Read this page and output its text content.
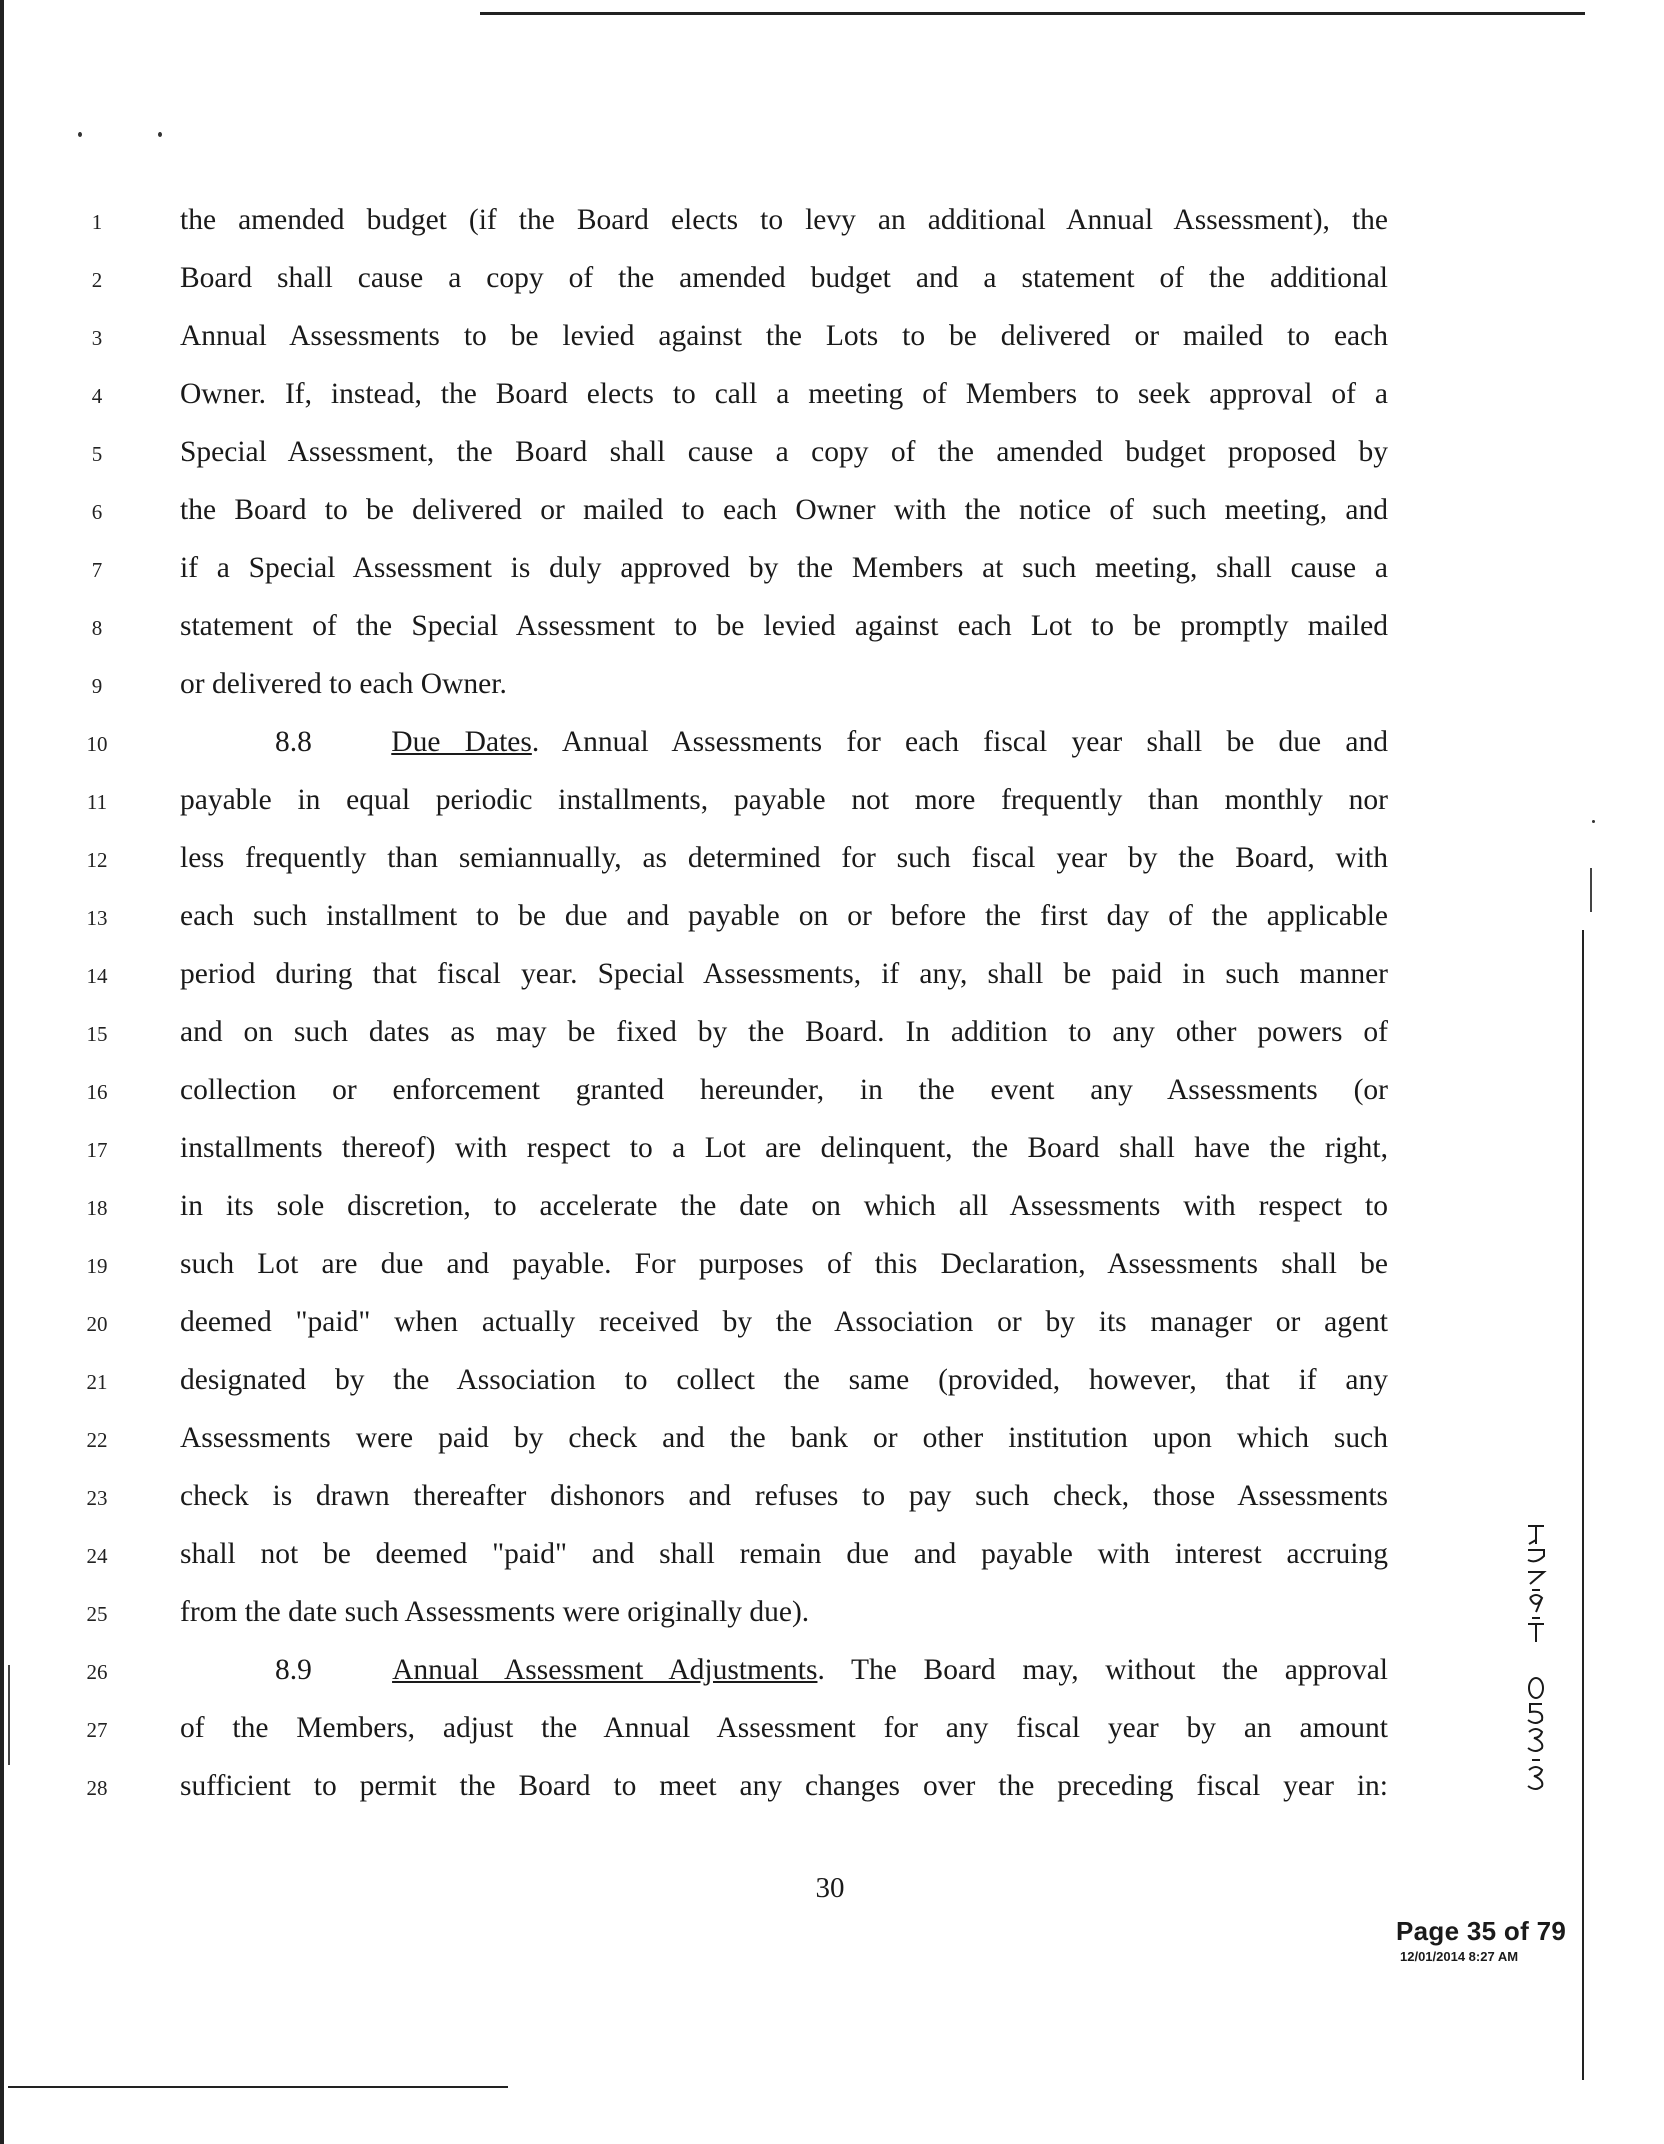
1	the amended budget (if the Board elects to levy an additional Annual Assessment), the
2	Board shall cause a copy of the amended budget and a statement of the additional
3	Annual Assessments to be levied against the Lots to be delivered or mailed to each
4	Owner. If, instead, the Board elects to call a meeting of Members to seek approval of a
5	Special Assessment, the Board shall cause a copy of the amended budget proposed by
6	the Board to be delivered or mailed to each Owner with the notice of such meeting, and
7	if a Special Assessment is duly approved by the Members at such meeting, shall cause a
8	statement of the Special Assessment to be levied against each Lot to be promptly mailed
9	or delivered to each Owner.
10	8.8	Due Dates. Annual Assessments for each fiscal year shall be due and
11	payable in equal periodic installments, payable not more frequently than monthly nor
12	less frequently than semiannually, as determined for such fiscal year by the Board, with
13	each such installment to be due and payable on or before the first day of the applicable
14	period during that fiscal year. Special Assessments, if any, shall be paid in such manner
15	and on such dates as may be fixed by the Board. In addition to any other powers of
16	collection or enforcement granted hereunder, in the event any Assessments (or
17	installments thereof) with respect to a Lot are delinquent, the Board shall have the right,
18	in its sole discretion, to accelerate the date on which all Assessments with respect to
19	such Lot are due and payable. For purposes of this Declaration, Assessments shall be
20	deemed "paid" when actually received by the Association or by its manager or agent
21	designated by the Association to collect the same (provided, however, that if any
22	Assessments were paid by check and the bank or other institution upon which such
23	check is drawn thereafter dishonors and refuses to pay such check, those Assessments
24	shall not be deemed "paid" and shall remain due and payable with interest accruing
25	from the date such Assessments were originally due).
26	8.9	Annual Assessment Adjustments. The Board may, without the approval
27	of the Members, adjust the Annual Assessment for any fiscal year by an amount
28	sufficient to permit the Board to meet any changes over the preceding fiscal year in:
30
Page 35 of 79
12/01/2014 8:27 AM
